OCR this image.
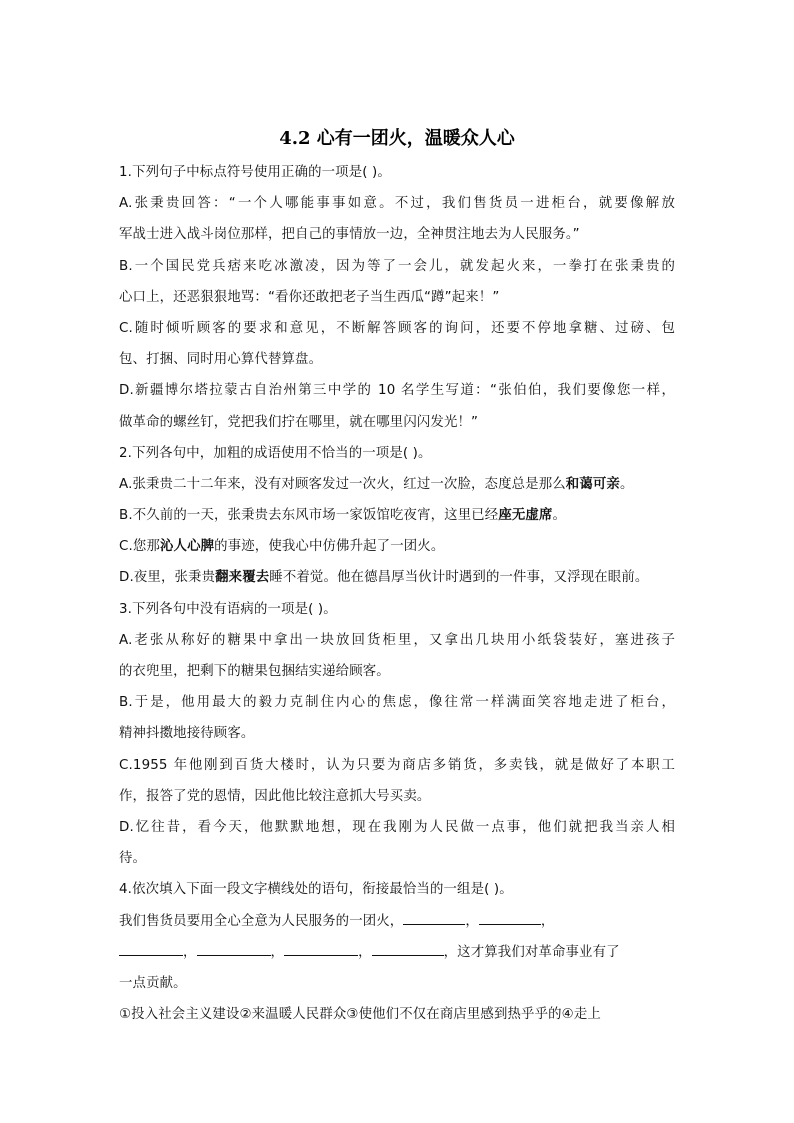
4.2 心有一团火，温暖众人心
1.下列句子中标点符号使用正确的一项是( )。
A.张秉贵回答：“一个人哪能事事如意。不过，我们售货员一进柜台，就要像解放
军战士进入战斗岗位那样，把自己的事情放一边，全神贯注地去为人民服务。”
B.一个国民党兵痞来吃冰激凌，因为等了一会儿，就发起火来，一拳打在张秉贵的
心口上，还恶狠狠地骂：“看你还敢把老子当生西瓜“蹲”起来！”
C.随时倾听顾客的要求和意见，不断解答顾客的询问，还要不停地拿糖、过磅、包
包、打捆、同时用心算代替算盘。
D.新疆博尔塔拉蒙古自治州第三中学的 10 名学生写道：“张伯伯，我们要像您一样，
做革命的螺丝钉，党把我们拧在哪里，就在哪里闪闪发光！”
2.下列各句中，加粗的成语使用不恰当的一项是( )。
A.张秉贵二十二年来，没有对顾客发过一次火，红过一次脸，态度总是那么和蔼可亲。
B.不久前的一天，张秉贵去东风市场一家饭馆吃夜宵，这里已经座无虚席。
C.您那沁人心脾的事迹，使我心中仿佛升起了一团火。
D.夜里，张秉贵翻来覆去睡不着觉。他在德昌厚当伙计时遇到的一件事，又浮现在眼前。
3.下列各句中没有语病的一项是( )。
A.老张从称好的糖果中拿出一块放回货柜里，又拿出几块用小纸袋装好，塞进孩子
的衣兜里，把剩下的糖果包捆结实递给顾客。
B.于是，他用最大的毅力克制住内心的焦虑，像往常一样满面笑容地走进了柜台，
精神抖擞地接待顾客。
C.1955 年他刚到百货大楼时，认为只要为商店多销货，多卖钱，就是做好了本职工
作，报答了党的恩情，因此他比较注意抓大号买卖。
D.忆往昔，看今天，他默默地想，现在我刚为人民做一点事，他们就把我当亲人相
待。
4.依次填入下面一段文字横线处的语句，衔接最恰当的一组是( )。
我们售货员要用全心全意为人民服务的一团火，	，	，
，	，	，	，这才算我们对革命事业有了
一点贡献。
①投入社会主义建设②来温暖人民群众③使他们不仅在商店里感到热乎乎的④走上
